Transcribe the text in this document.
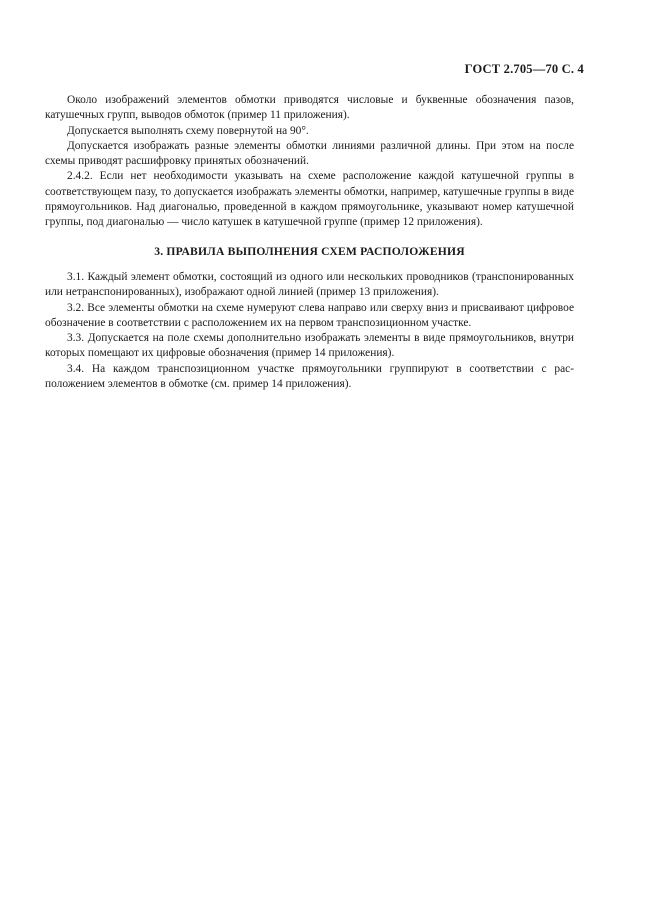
ГОСТ 2.705—70 С. 4

Около изображений элементов обмотки приводятся числовые и буквенные обозначения пазов, катушечных групп, выводов обмоток (пример 11 приложения).

Допускается выполнять схему повернутой на 90°.

Допускается изображать разные элементы обмотки линиями различной длины. При этом на после схемы приводят расшифровку принятых обозначений.

2.4.2. Если нет необходимости указывать на схеме расположение каждой катушечной группы в соответствующем пазу, то допускается изображать элементы обмотки, например, катушечные группы в виде прямоугольников. Над диагональю, проведенной в каждом прямоугольнике, указывают номер катушечной группы, под диагональю — число катушек в катушечной группе (пример 12 приложения).

3. ПРАВИЛА ВЫПОЛНЕНИЯ СХЕМ РАСПОЛОЖЕНИЯ

3.1. Каждый элемент обмотки, состоящий из одного или нескольких проводников (транспонированных или нетранспонированных), изображают одной линией (пример 13 приложения).

3.2. Все элементы обмотки на схеме нумеруют слева направо или сверху вниз и присваивают цифровое обозначение в соответствии с расположением их на первом транспозиционном участке.

3.3. Допускается на поле схемы дополнительно изображать элементы в виде прямоугольников, внутри которых помещают их цифровые обозначения (пример 14 приложения).

3.4. На каждом транспозиционном участке прямоугольники группируют в соответствии с расположением элементов в обмотке (см. пример 14 приложения).
